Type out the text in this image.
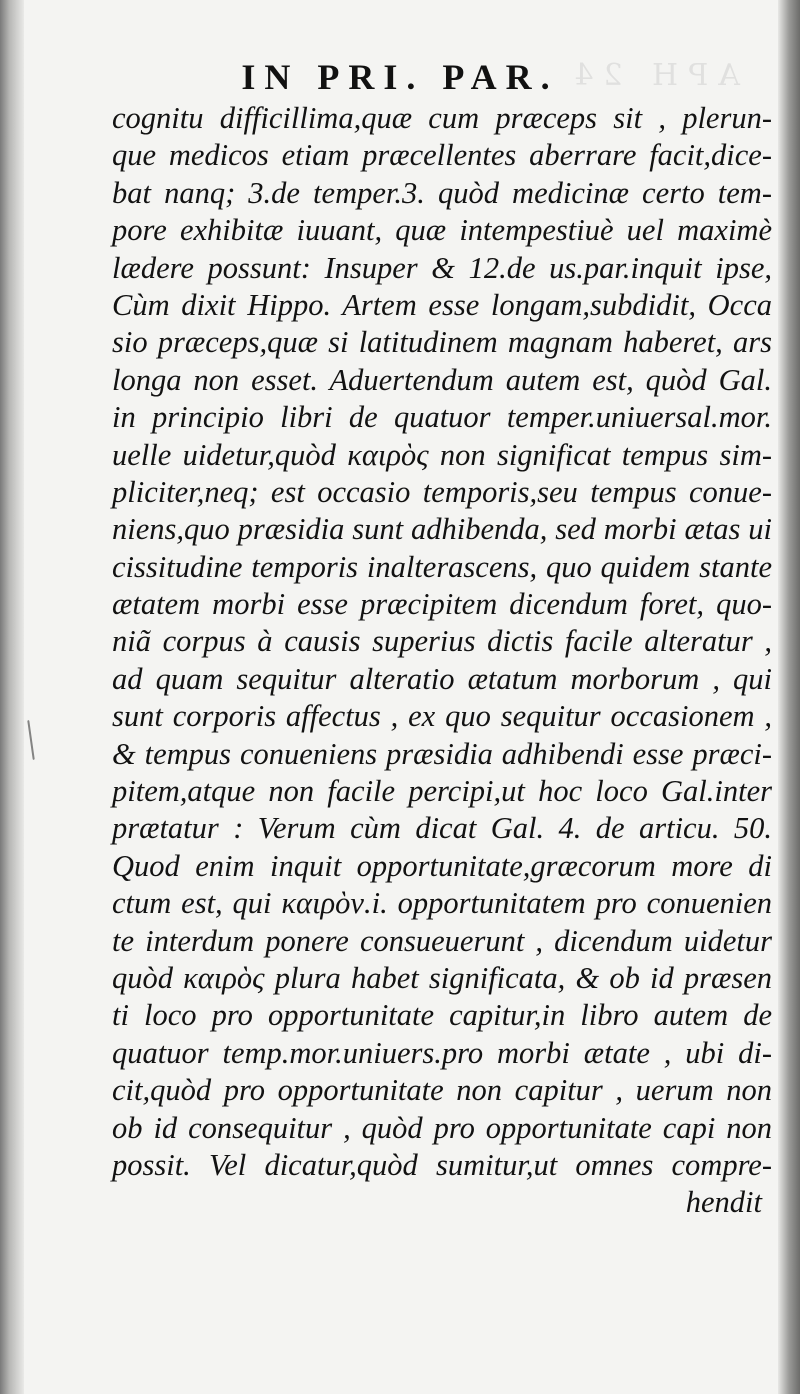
APH 24
IN PRI. PAR.
cognitu difficillima,quæ cum præceps sit , plerun-
que medicos etiam præcellentes aberrare facit,dice-
bat nanq; 3.de temper.3. quòd medicinæ certo tem-
pore exhibitæ iuuant, quæ intempestiuè uel maximè
lædere possunt: Insuper & 12.de us.par.inquit ipse,
Cùm dixit Hippo. Artem esse longam,subdidit, Occa
sio præceps,quæ si latitudinem magnam haberet, ars
longa non esset. Aduertendum autem est, quòd Gal.
in principio libri de quatuor temper.uniuersal.mor.
uelle uidetur,quòd καιρὸς non significat tempus sim-
pliciter,neq; est occasio temporis,seu tempus conue-
niens,quo præsidia sunt adhibenda, sed morbi ætas ui
cissitudine temporis inalterascens, quo quidem stante
ætatem morbi esse præcipitem dicendum foret, quo-
niã corpus à causis superius dictis facile alteratur ,
ad quam sequitur alteratio ætatum morborum , qui
sunt corporis affectus , ex quo sequitur occasionem ,
& tempus conueniens præsidia adhibendi esse præci-
pitem,atque non facile percipi,ut hoc loco Gal.inter
prætatur : Verum cùm dicat Gal. 4. de articu. 50.
Quod enim inquit opportunitate,græcorum more di
ctum est, qui καιρὸν.i. opportunitatem pro conuenien
te interdum ponere consueuerunt , dicendum uidetur
quòd καιρὸς plura habet significata, & ob id præsen
ti loco pro opportunitate capitur,in libro autem de
quatuor temp.mor.uniuers.pro morbi ætate , ubi di-
cit,quòd pro opportunitate non capitur , uerum non
ob id consequitur , quòd pro opportunitate capi non
possit. Vel dicatur,quòd sumitur,ut omnes compre-
hendit
